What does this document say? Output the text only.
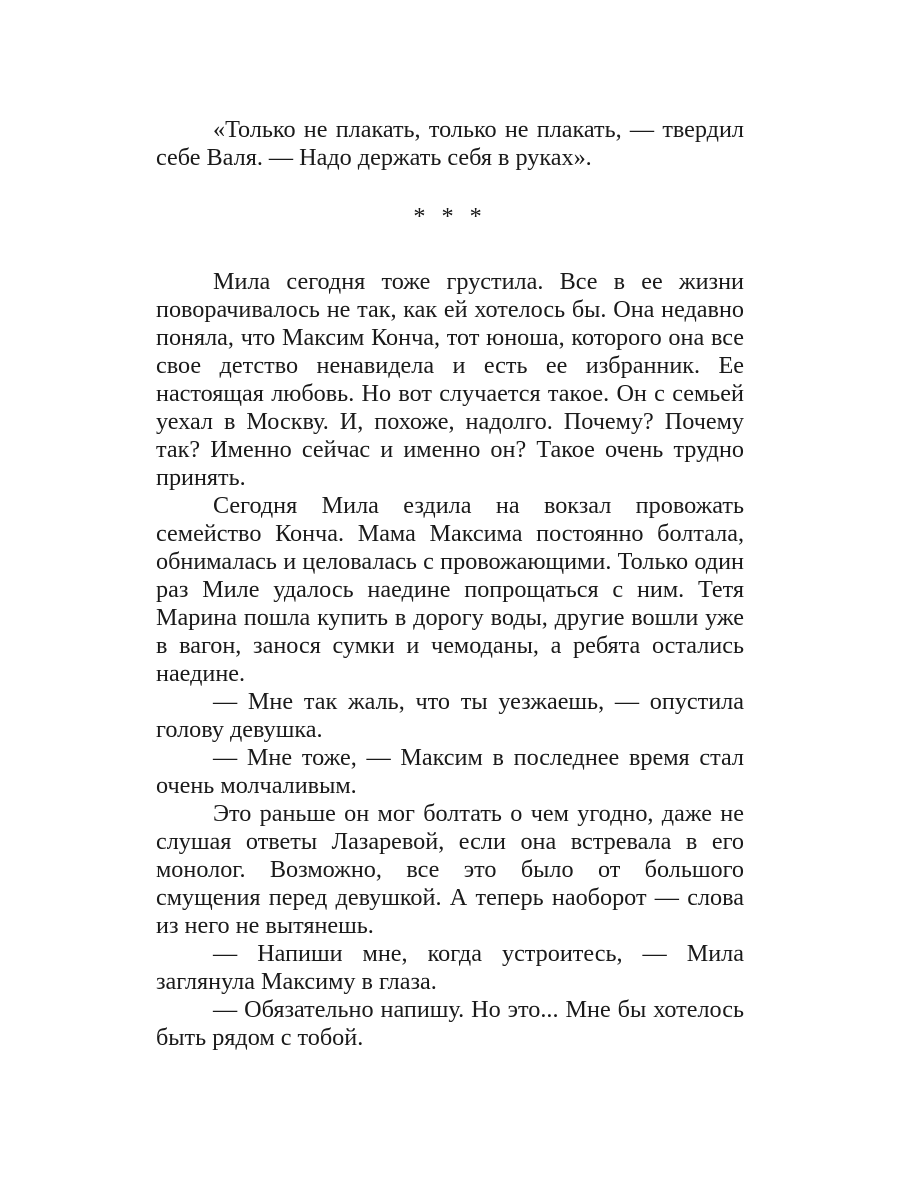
«Только не плакать, только не плакать, — твердил себе Валя. — Надо держать себя в руках».

* * *

Мила сегодня тоже грустила. Все в ее жизни поворачивалось не так, как ей хотелось бы. Она недавно поняла, что Максим Конча, тот юноша, которого она все свое детство ненавидела и есть ее избранник. Ее настоящая любовь. Но вот случается такое. Он с семьей уехал в Москву. И, похоже, надолго. Почему? Почему так? Именно сейчас и именно он? Такое очень трудно принять.

Сегодня Мила ездила на вокзал провожать семейство Конча. Мама Максима постоянно болтала, обнималась и целовалась с провожающими. Только один раз Миле удалось наедине попрощаться с ним. Тетя Марина пошла купить в дорогу воды, другие вошли уже в вагон, занося сумки и чемоданы, а ребята остались наедине.

— Мне так жаль, что ты уезжаешь, — опустила голову девушка.

— Мне тоже, — Максим в последнее время стал очень молчаливым.

Это раньше он мог болтать о чем угодно, даже не слушая ответы Лазаревой, если она встревала в его монолог. Возможно, все это было от большого смущения перед девушкой. А теперь наоборот — слова из него не вытянешь.

— Напиши мне, когда устроитесь, — Мила заглянула Максиму в глаза.

— Обязательно напишу. Но это... Мне бы хотелось быть рядом с тобой.
